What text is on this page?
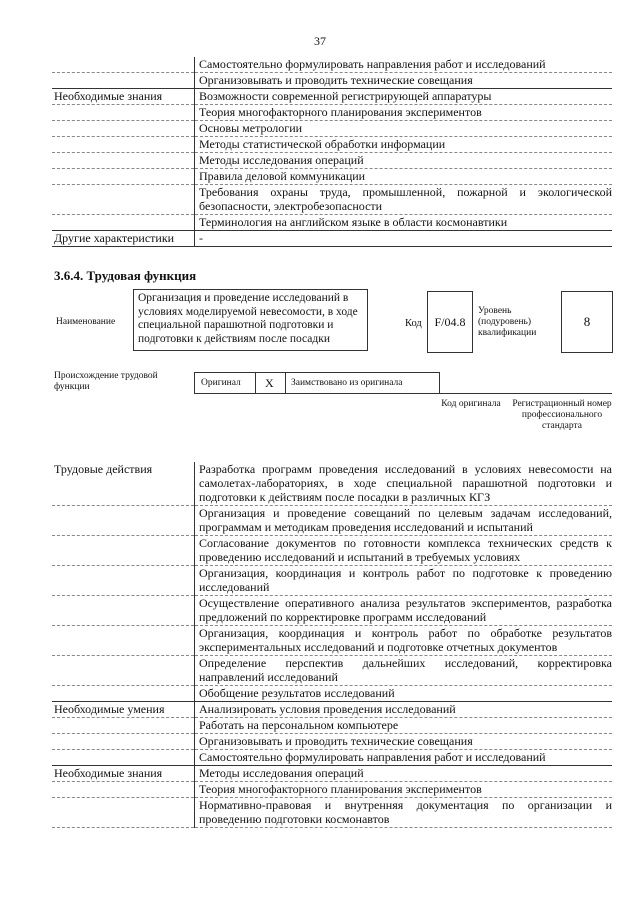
37
	Самостоятельно формулировать направления работ и исследований
	Организовывать и проводить технические совещания
Необходимые знания	Возможности современной регистрирующей аппаратуры
	Теория многофакторного планирования экспериментов
	Основы метрологии
	Методы статистической обработки информации
	Методы исследования операций
	Правила деловой коммуникации
	Требования охраны труда, промышленной, пожарной и экологической безопасности, электробезопасности
	Терминология на английском языке в области космонавтики
Другие характеристики	-
3.6.4. Трудовая функция
Наименование
Организация и проведение исследований в условиях моделируемой невесомости, в ходе специальной парашютной подготовки и подготовки к действиям после посадки
Код	F/04.8
Уровень (подуровень) квалификации
8
Происхождение трудовой функции	Оригинал X Заимствовано из оригинала
Код оригинала Регистрационный номер профессионального стандарта
Трудовые действия	Разработка программ проведения исследований в условиях невесомости на самолетах-лабораториях, в ходе специальной парашютной подготовки и подготовки к действиям после посадки в различных КГЗ
	Организация и проведение совещаний по целевым задачам исследований, программам и методикам проведения исследований и испытаний
	Согласование документов по готовности комплекса технических средств к проведению исследований и испытаний в требуемых условиях
	Организация, координация и контроль работ по подготовке к проведению исследований
	Осуществление оперативного анализа результатов экспериментов, разработка предложений по корректировке программ исследований
	Организация, координация и контроль работ по обработке результатов экспериментальных исследований и подготовке отчетных документов
	Определение перспектив дальнейших исследований, корректировка направлений исследований
	Обобщение результатов исследований
Необходимые умения	Анализировать условия проведения исследований
	Работать на персональном компьютере
	Организовывать и проводить технические совещания
	Самостоятельно формулировать направления работ и исследований
Необходимые знания	Методы исследования операций
	Теория многофакторного планирования экспериментов
	Нормативно-правовая и внутренняя документация по организации и проведению подготовки космонавтов
